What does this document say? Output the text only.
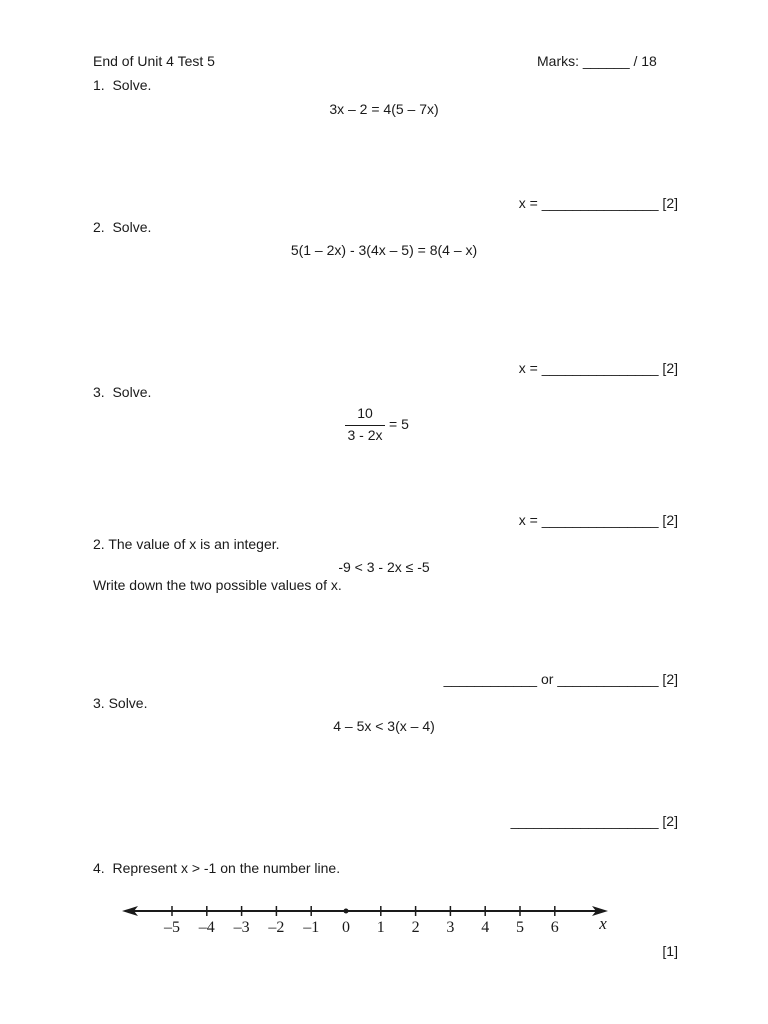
End of Unit 4 Test 5	Marks: ______ / 18
1.  Solve.
3x – 2 = 4(5 – 7x)
x = _______________ [2]
2.  Solve.
5(1 – 2x) - 3(4x – 5) = 8(4 – x)
x = _______________ [2]
3.  Solve.
10
3 - 2x
= 5
x = _______________ [2]
2. The value of x is an integer.
-9 < 3 - 2x ≤ -5
Write down the two possible values of x.
____________ or _____________ [2]
3. Solve.
4 – 5x < 3(x – 4)
___________________ [2]
4.  Represent x > -1 on the number line.
–5 –4 –3 –2 –1 0 1 2 3 4 5 6 x
[1]
